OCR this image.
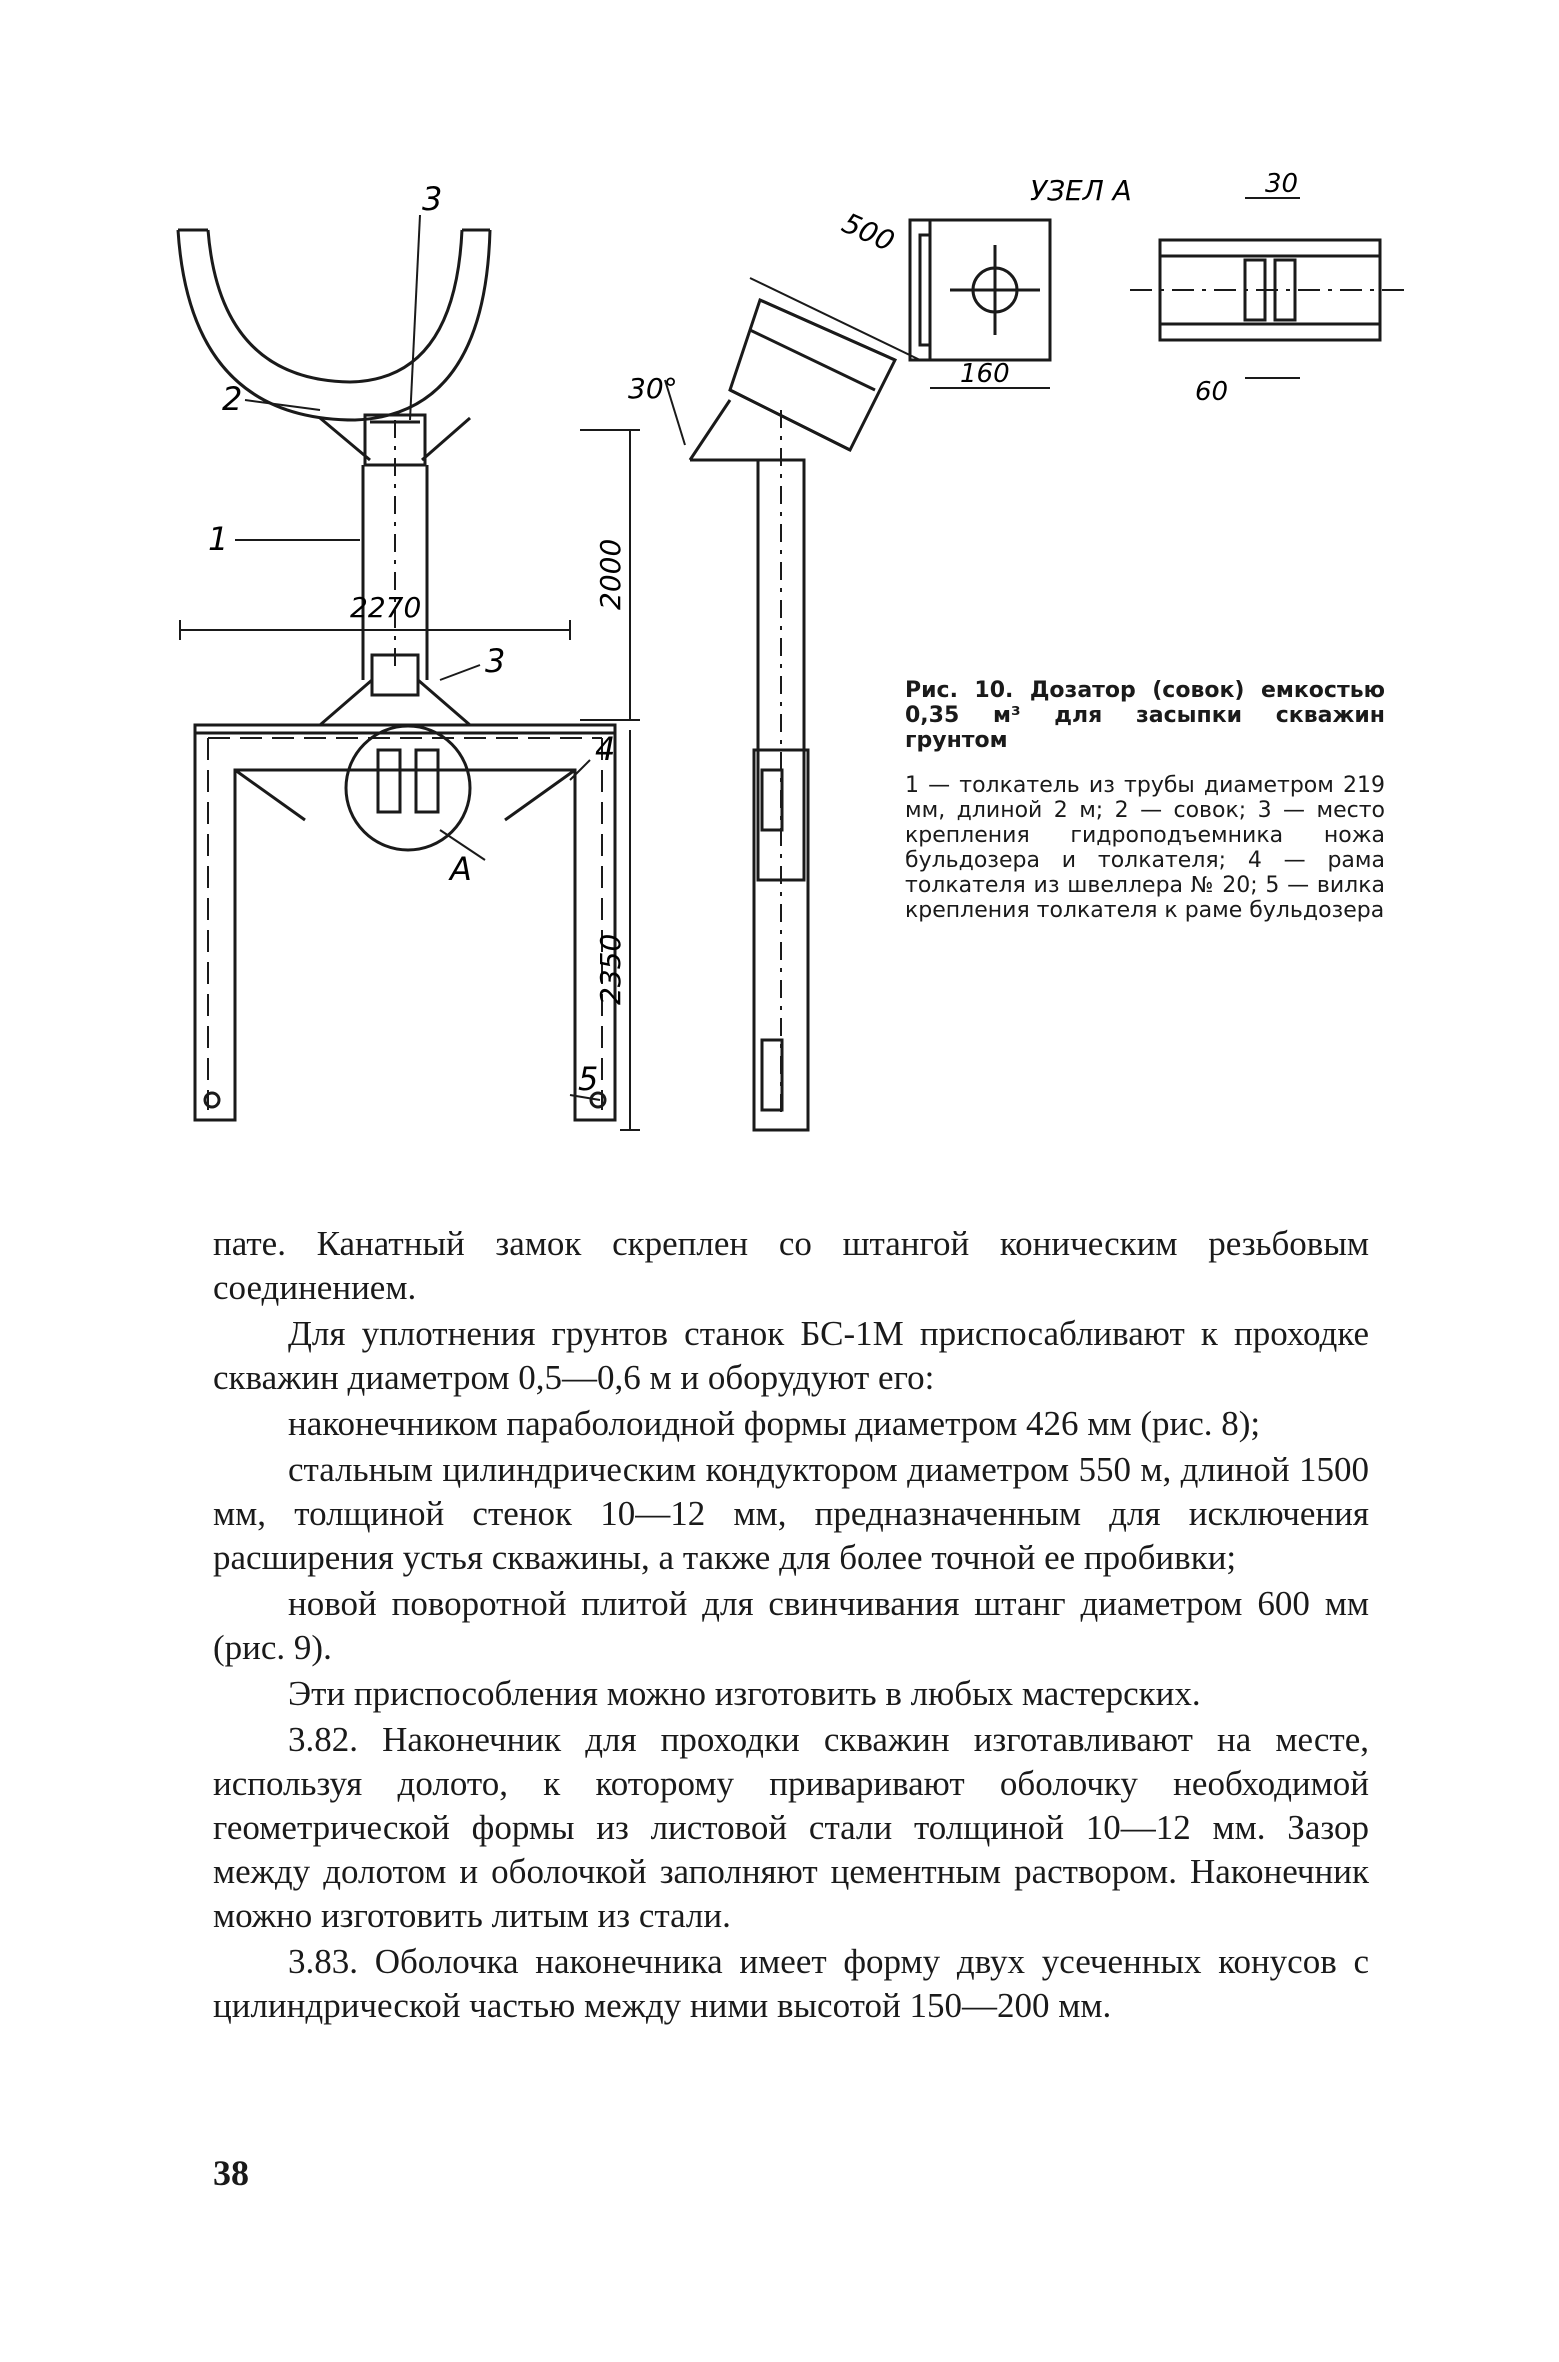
УЗЕЛ А
500
30
160
60
30°
2000
2270
2350
1
2
3
3
4
5
А

Рис. 10. Дозатор (совок) емкостью 0,35 м³ для засыпки скважин грунтом

1 — толкатель из трубы диаметром 219 мм, длиной 2 м; 2 — совок; 3 — место крепления гидроподъемника ножа бульдозера и толкателя; 4 — рама толкателя из швеллера № 20; 5 — вилка крепления толкателя к раме бульдозера

пате. Канатный замок скреплен со штангой коническим резьбовым соединением.

Для уплотнения грунтов станок БС-1М приспосабливают к проходке скважин диаметром 0,5—0,6 м и оборудуют его:

наконечником параболоидной формы диаметром 426 мм (рис. 8);

стальным цилиндрическим кондуктором диаметром 550 м, длиной 1500 мм, толщиной стенок 10—12 мм, предназначенным для исключения расширения устья скважины, а также для более точной ее пробивки;

новой поворотной плитой для свинчивания штанг диаметром 600 мм (рис. 9).

Эти приспособления можно изготовить в любых мастерских.

3.82. Наконечник для проходки скважин изготавливают на месте, используя долото, к которому приваривают оболочку необходимой геометрической формы из листовой стали толщиной 10—12 мм. Зазор между долотом и оболочкой заполняют цементным раствором. Наконечник можно изготовить литым из стали.

3.83. Оболочка наконечника имеет форму двух усеченных конусов с цилиндрической частью между ними высотой 150—200 мм.

38
